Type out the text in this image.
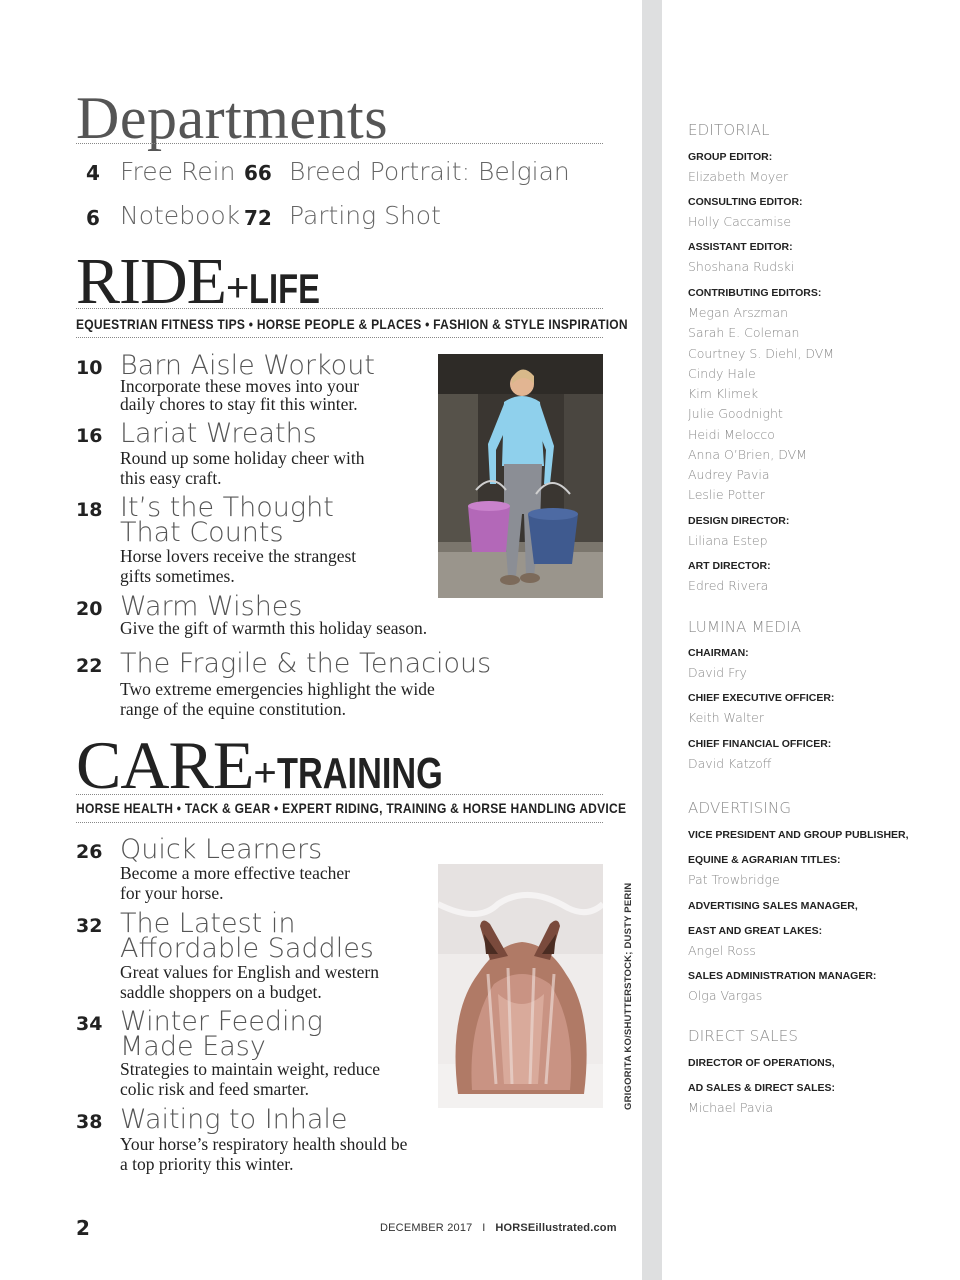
Departments
4 Free Rein 66 Breed Portrait: Belgian
6 Notebook 72 Parting Shot
RIDE+LIFE
EQUESTRIAN FITNESS TIPS • HORSE PEOPLE & PLACES • FASHION & STYLE INSPIRATION
10 Barn Aisle Workout
Incorporate these moves into your
daily chores to stay fit this winter.
16 Lariat Wreaths
Round up some holiday cheer with
this easy craft.
18 It’s the Thought
That Counts
Horse lovers receive the strangest
gifts sometimes.
20 Warm Wishes
Give the gift of warmth this holiday season.
22 The Fragile & the Tenacious
Two extreme emergencies highlight the wide
range of the equine constitution.
CARE+TRAINING
HORSE HEALTH • TACK & GEAR • EXPERT RIDING, TRAINING & HORSE HANDLING ADVICE
26 Quick Learners
Become a more effective teacher
for your horse.
32 The Latest in
Affordable Saddles
Great values for English and western
saddle shoppers on a budget.
34 Winter Feeding
Made Easy
Strategies to maintain weight, reduce
colic risk and feed smarter.
38 Waiting to Inhale
Your horse’s respiratory health should be
a top priority this winter.
GRIGORITA KO/SHUTTERSTOCK; DUSTY PERIN
2	DECEMBER 2017 I HORSEillustrated.com
EDITORIAL
GROUP EDITOR:
Elizabeth Moyer
CONSULTING EDITOR:
Holly Caccamise
ASSISTANT EDITOR:
Shoshana Rudski
CONTRIBUTING EDITORS:
Megan Arszman
Sarah E. Coleman
Courtney S. Diehl, DVM
Cindy Hale
Kim Klimek
Julie Goodnight
Heidi Melocco
Anna O’Brien, DVM
Audrey Pavia
Leslie Potter
DESIGN DIRECTOR:
Liliana Estep
ART DIRECTOR:
Edred Rivera
LUMINA MEDIA
CHAIRMAN:
David Fry
CHIEF EXECUTIVE OFFICER:
Keith Walter
CHIEF FINANCIAL OFFICER:
David Katzoff
ADVERTISING
VICE PRESIDENT AND GROUP PUBLISHER,
EQUINE & AGRARIAN TITLES:
Pat Trowbridge
ADVERTISING SALES MANAGER,
EAST AND GREAT LAKES:
Angel Ross
SALES ADMINISTRATION MANAGER:
Olga Vargas
DIRECT SALES
DIRECTOR OF OPERATIONS,
AD SALES & DIRECT SALES:
Michael Pavia
